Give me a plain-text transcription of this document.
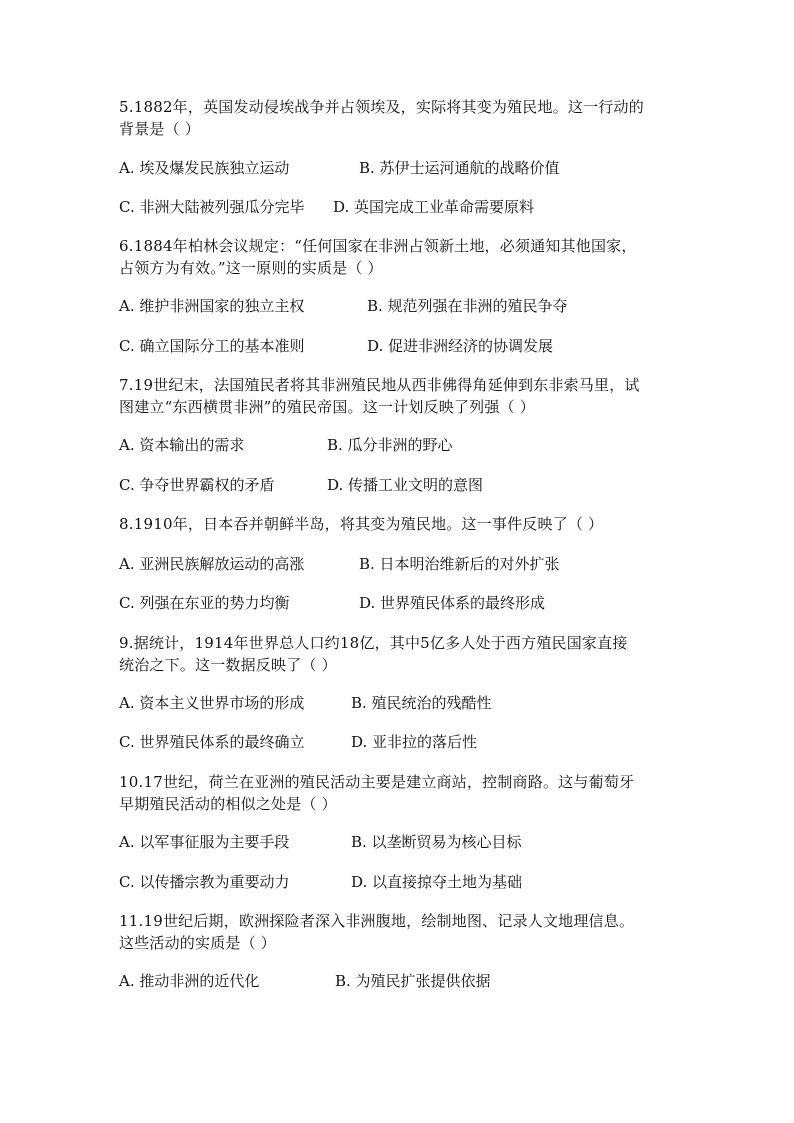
5.1882年，英国发动侵埃战争并占领埃及，实际将其变为殖民地。这一行动的
背景是（ ）
A. 埃及爆发民族独立运动	B. 苏伊士运河通航的战略价值
C. 非洲大陆被列强瓜分完毕 D. 英国完成工业革命需要原料
6.1884年柏林会议规定：“任何国家在非洲占领新土地，必须通知其他国家，
占领方为有效。”这一原则的实质是（ ）
A. 维护非洲国家的独立主权	B. 规范列强在非洲的殖民争夺
C. 确立国际分工的基本准则	D. 促进非洲经济的协调发展
7.19世纪末，法国殖民者将其非洲殖民地从西非佛得角延伸到东非索马里，试
图建立“东西横贯非洲”的殖民帝国。这一计划反映了列强（ ）
A. 资本输出的需求	B. 瓜分非洲的野心
C. 争夺世界霸权的矛盾	D. 传播工业文明的意图
8.1910年，日本吞并朝鲜半岛，将其变为殖民地。这一事件反映了（ ）
A. 亚洲民族解放运动的高涨	B. 日本明治维新后的对外扩张
C. 列强在东亚的势力均衡	D. 世界殖民体系的最终形成
9.据统计，1914年世界总人口约18亿，其中5亿多人处于西方殖民国家直接
统治之下。这一数据反映了（ ）
A. 资本主义世界市场的形成	B. 殖民统治的残酷性
C. 世界殖民体系的最终确立	D. 亚非拉的落后性
10.17世纪，荷兰在亚洲的殖民活动主要是建立商站，控制商路。这与葡萄牙
早期殖民活动的相似之处是（ ）
A. 以军事征服为主要手段	B. 以垄断贸易为核心目标
C. 以传播宗教为重要动力	D. 以直接掠夺土地为基础
11.19世纪后期，欧洲探险者深入非洲腹地，绘制地图、记录人文地理信息。
这些活动的实质是（ ）
A. 推动非洲的近代化	B. 为殖民扩张提供依据
